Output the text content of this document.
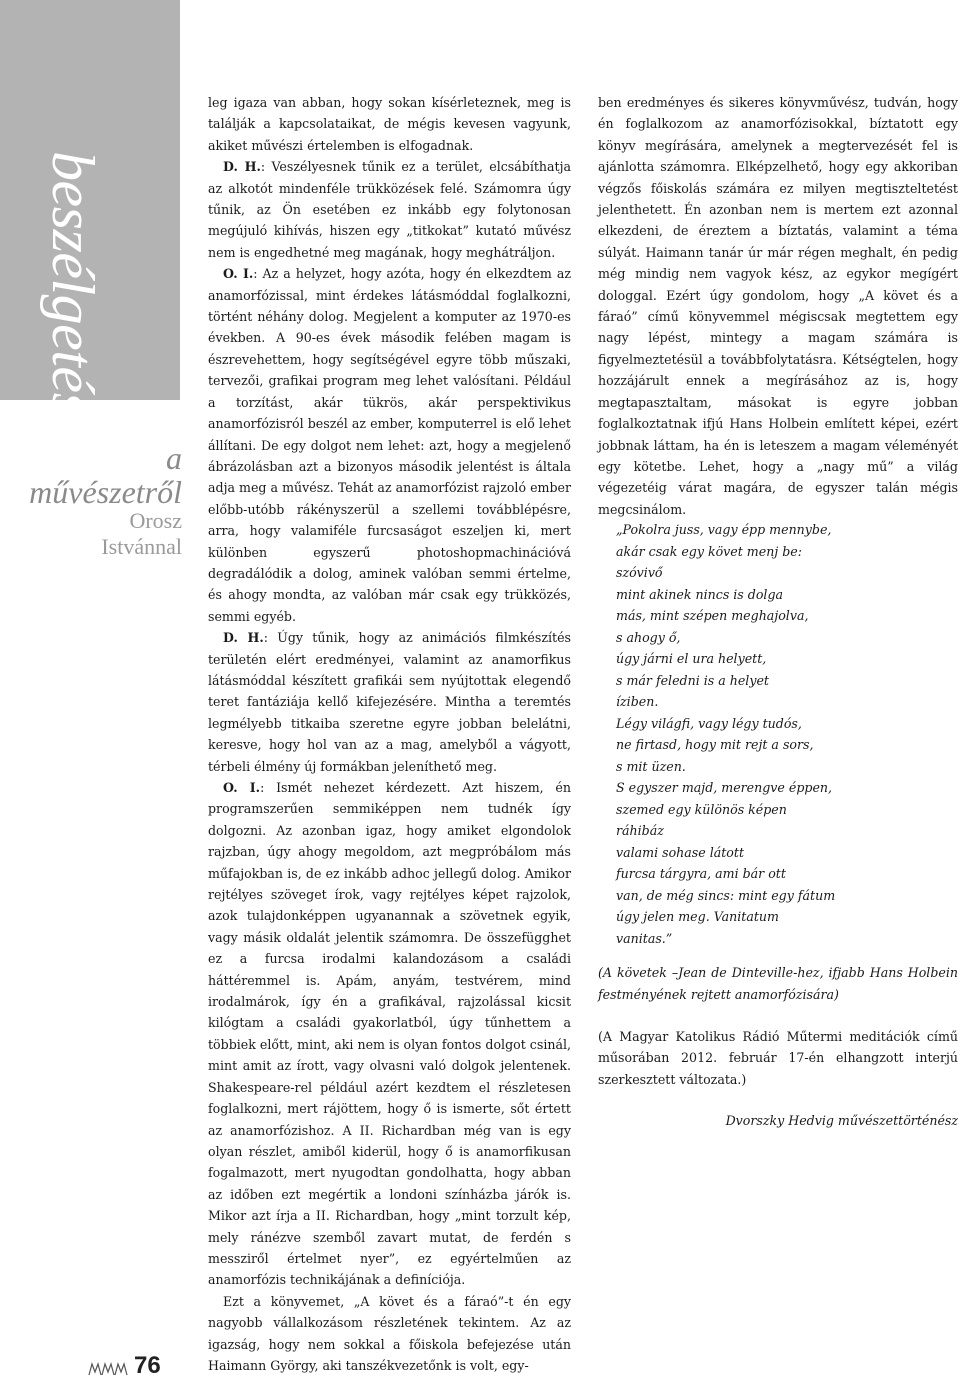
beszélgetések a
művészetről
Orosz
Istvánnal
76

leg igaza van abban, hogy sokan kísérleteznek, meg is találják a kapcsolataikat, de mégis kevesen vagyunk, akiket művészi értelemben is elfogadnak.

D. H.: Veszélyesnek tűnik ez a terület, elcsábíthatja az alkotót mindenféle trükközések felé. Számomra úgy tűnik, az Ön esetében ez inkább egy folytonosan megújuló kihívás, hiszen egy „titkokat” kutató művész nem is engedhetné meg magának, hogy meghátráljon.

O. I.: Az a helyzet, hogy azóta, hogy én elkezdtem az anamorfózissal, mint érdekes látásmóddal foglalkozni, történt néhány dolog. Megjelent a komputer az 1970-es években. A 90-es évek második felében magam is észrevehettem, hogy segítségével egyre több műszaki, tervezői, grafikai program meg lehet valósítani. Például a torzítást, akár tükrös, akár perspektivikus anamorfózisról beszél az ember, komputerrel is elő lehet állítani. De egy dolgot nem lehet: azt, hogy a megjelenő ábrázolásban azt a bizonyos második jelentést is általa adja meg a művész. Tehát az anamorfózist rajzoló ember előbb-utóbb rákényszerül a szellemi továbblépésre, arra, hogy valamiféle furcsaságot eszeljen ki, mert különben egyszerű photoshopmachinációvá degradálódik a dolog, aminek valóban semmi értelme, és ahogy mondta, az valóban már csak egy trükközés, semmi egyéb.

D. H.: Úgy tűnik, hogy az animációs filmkészítés területén elért eredményei, valamint az anamorfikus látásmóddal készített grafikái sem nyújtottak elegendő teret fantáziája kellő kifejezésére. Mintha a teremtés legmélyebb titkaiba szeretne egyre jobban belelátni, keresve, hogy hol van az a mag, amelyből a vágyott, térbeli élmény új formákban jeleníthető meg.

O. I.: Ismét nehezet kérdezett. Azt hiszem, én programszerűen semmiképpen nem tudnék így dolgozni. Az azonban igaz, hogy amiket elgondolok rajzban, úgy ahogy megoldom, azt megpróbálom más műfajokban is, de ez inkább adhoc jellegű dolog. Amikor rejtélyes szöveget írok, vagy rejtélyes képet rajzolok, azok tulajdonképpen ugyanannak a szövetnek egyik, vagy másik oldalát jelentik számomra. De összefügghet ez a furcsa irodalmi kalandozásom a családi háttéremmel is. Apám, anyám, testvérem, mind irodalmárok, így én a grafikával, rajzolással kicsit kilógtam a családi gyakorlatból, úgy tűnhettem a többiek előtt, mint, aki nem is olyan fontos dolgot csinál, mint amit az írott, vagy olvasni való dolgok jelentenek. Shakespeare-rel például azért kezdtem el részletesen foglalkozni, mert rájöttem, hogy ő is ismerte, sőt értett az anamorfózishoz. A II. Richardban még van is egy olyan részlet, amiből kiderül, hogy ő is anamorfikusan fogalmazott, mert nyugodtan gondolhatta, hogy abban az időben ezt megértik a londoni színházba járók is. Mikor azt írja a II. Richardban, hogy „mint torzult kép, mely ránézve szemből zavart mutat, de ferdén s messziről értelmet nyer”, ez egyértelműen az anamorfózis technikájának a definíciója.

Ezt a könyvemet, „A követ és a fáraó”-t én egy nagyobb vállalkozásom részletének tekintem. Az az igazság, hogy nem sokkal a főiskola befejezése után Haimann György, aki tanszékvezetőnk is volt, egy-

ben eredményes és sikeres könyvművész, tudván, hogy én foglalkozom az anamorfózisokkal, bíztatott egy könyv megírására, amelynek a megtervezését fel is ajánlotta számomra. Elképzelhető, hogy egy akkoriban végzős főiskolás számára ez milyen megtiszteltetést jelenthetett. Én azonban nem is mertem ezt azonnal elkezdeni, de éreztem a bíztatás, valamint a téma súlyát. Haimann tanár úr már régen meghalt, én pedig még mindig nem vagyok kész, az egykor megígért dologgal. Ezért úgy gondolom, hogy „A követ és a fáraó” című könyvemmel mégiscsak megtettem egy nagy lépést, mintegy a magam számára is figyelmeztetésül a továbbfolytatásra. Kétségtelen, hogy hozzájárult ennek a megírásához az is, hogy megtapasztaltam, másokat is egyre jobban foglalkoztatnak ifjú Hans Holbein említett képei, ezért jobbnak láttam, ha én is leteszem a magam véleményét egy kötetbe. Lehet, hogy a „nagy mű” a világ végezetéig várat magára, de egyszer talán mégis megcsinálom.

„Pokolra juss, vagy épp mennybe,
akár csak egy követ menj be:
szóvivő
mint akinek nincs is dolga
más, mint szépen meghajolva,
s ahogy ő,
úgy járni el ura helyett,
s már feledni is a helyet
íziben.
Légy világfi, vagy légy tudós,
ne firtasd, hogy mit rejt a sors,
s mit üzen.
S egyszer majd, merengve éppen,
szemed egy különös képen
ráhibáz
valami sohase látott
furcsa tárgyra, ami bár ott
van, de még sincs: mint egy fátum
úgy jelen meg. Vanitatum
vanitas.”
(A követek –Jean de Dinteville-hez, ifjabb Hans Holbein festményének rejtett anamorfózisára)
(A Magyar Katolikus Rádió Műtermi meditációk című műsorában 2012. február 17-én elhangzott interjú szerkesztett változata.)
Dvorszky Hedvig művészettörténész
